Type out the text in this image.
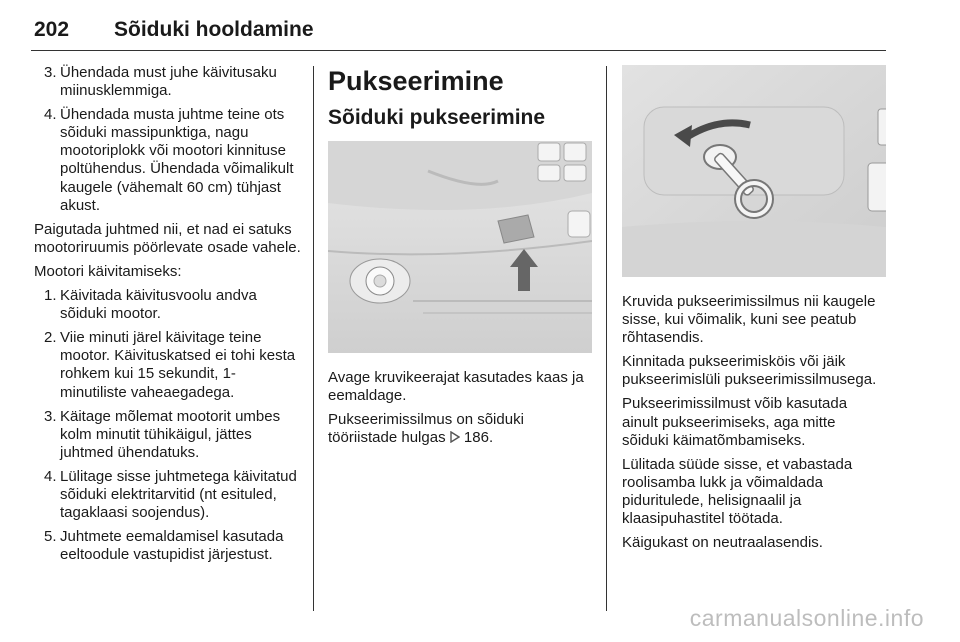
202 Sõiduki hooldamine
3. Ühendada must juhe käivitusaku
miinusklemmiga.
4. Ühendada musta juhtme teine ots sõiduki massipunktiga, nagu mootoriplokk või mootori kinnituse poltühendus. Ühendada võimalikult kaugele (vähemalt 60 cm) tühjast akust.

Paigutada juhtmed nii, et nad ei satuks mootoriruumis pöörlevate osade vahele.

Mootori käivitamiseks:

1. Käivitada käivitusvoolu andva sõiduki mootor.
2. Viie minuti järel käivitage teine mootor. Käivituskatsed ei tohi kesta rohkem kui 15 sekundit, 1-minutiliste vaheaegadega.
3. Käitage mõlemat mootorit umbes kolm minutit tühikäigul, jättes juhtmed ühendatuks.
4. Lülitage sisse juhtmetega käivitatud sõiduki elektritarvitid (nt esituled, tagaklaasi soojendus).
5. Juhtmete eemaldamisel kasutada eeltoodule vastupidist järjestust.
Pukseerimine
Sõiduki pukseerimine

Avage kruvikeerajat kasutades kaas ja eemaldage.

Pukseerimissilmus on sõiduki tööriistade hulgas  186.

Kruvida pukseerimissilmus nii kaugele sisse, kui võimalik, kuni see peatub rõhtasendis.

Kinnitada pukseerimisköis või jäik pukseerimislüli pukseerimissilmusega.

Pukseerimissilmust võib kasutada ainult pukseerimiseks, aga mitte sõiduki käimatõmbamiseks.

Lülitada süüde sisse, et vabastada roolisamba lukk ja võimaldada piduritulede, helisignaalil ja klaasipuhastitel töötada.

Käigukast on neutraalasendis.

carmanualsonline.info
